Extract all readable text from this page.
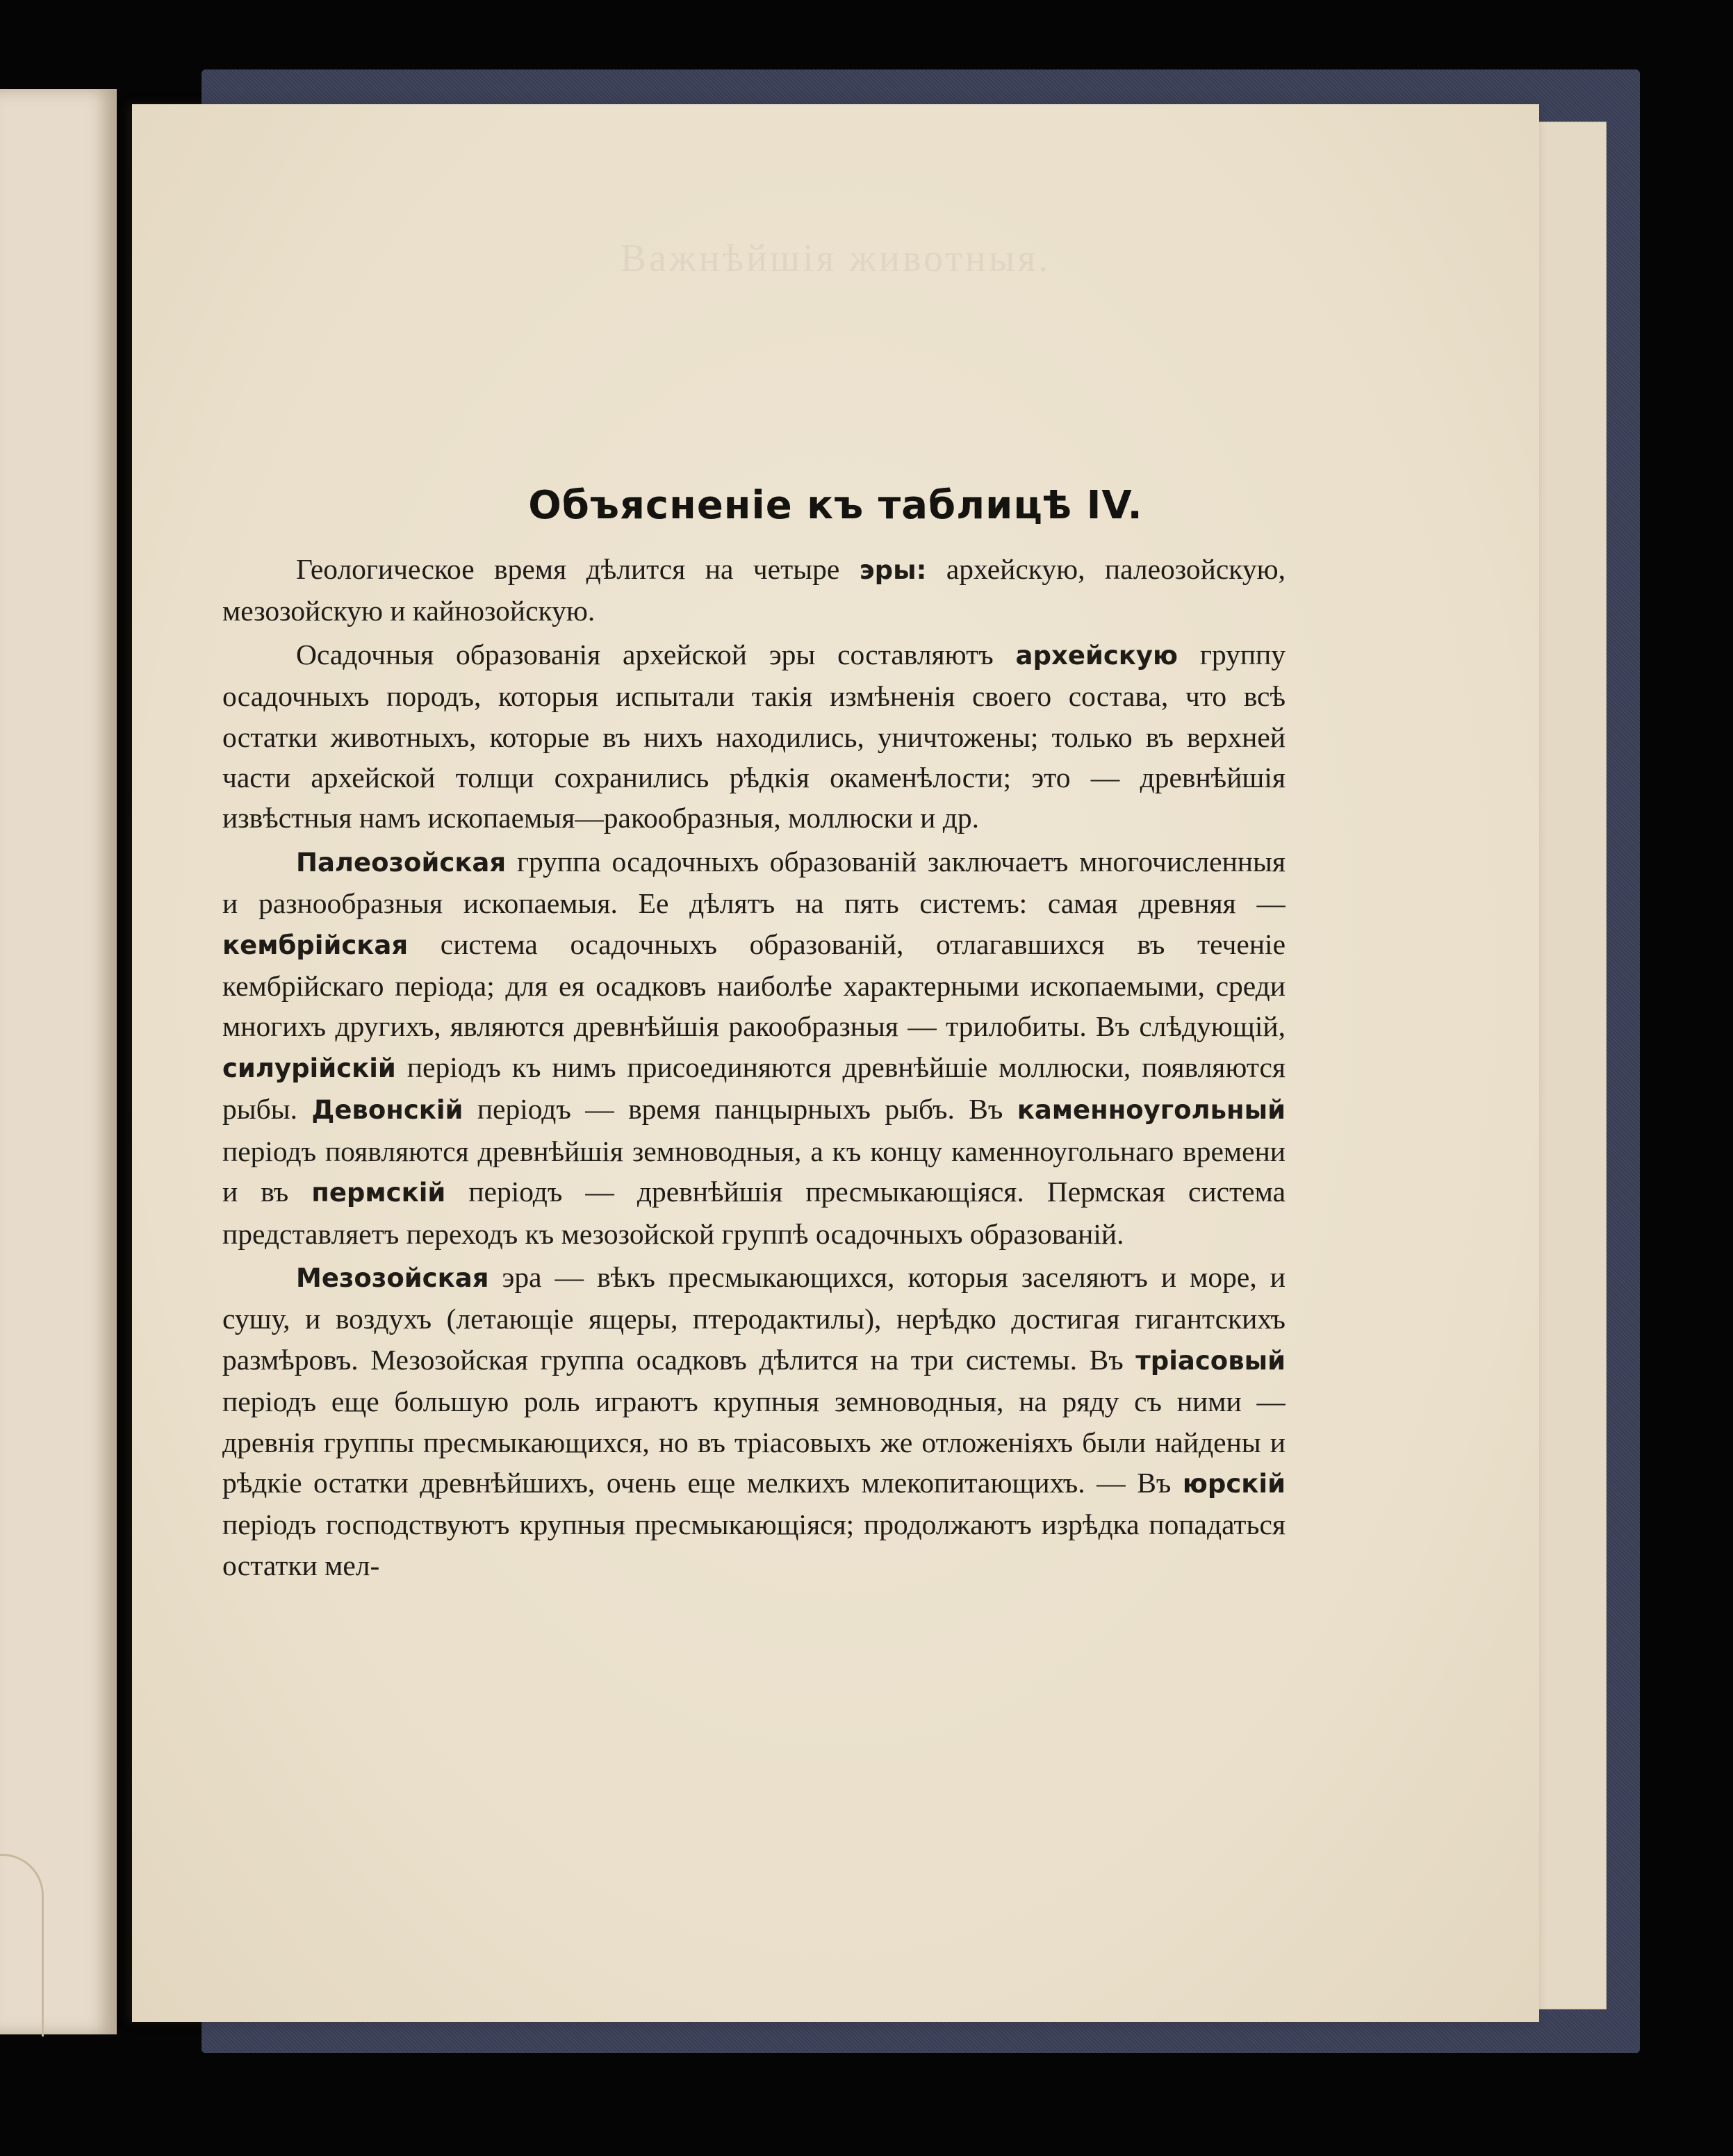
Важнѣйшія животныя.
Объясненіе къ таблицѣ IV.

Геологическое время дѣлится на четыре эры: архейскую, палеозойскую, мезозойскую и кайнозойскую.

Осадочныя образованія архейской эры составляютъ архейскую группу осадочныхъ породъ, которыя испытали такія измѣненія своего состава, что всѣ остатки животныхъ, которые въ нихъ находились, уничтожены; только въ верхней части архейской толщи сохранились рѣдкія окаменѣлости; это — древнѣйшія извѣстныя намъ ископаемыя—ракообразныя, моллюски и др.

Палеозойская группа осадочныхъ образованій заключаетъ многочисленныя и разнообразныя ископаемыя. Ее дѣлятъ на пять системъ: самая древняя — кембрійская система осадочныхъ образованій, отлагавшихся въ теченіе кембрійскаго періода; для ея осадковъ наиболѣе характерными ископаемыми, среди многихъ другихъ, являются древнѣйшія ракообразныя — трилобиты. Въ слѣдующій, силурійскій періодъ къ нимъ присоединяются древнѣйшіе моллюски, появляются рыбы. Девонскій періодъ — время панцырныхъ рыбъ. Въ каменноугольный періодъ появляются древнѣйшія земноводныя, а къ концу каменноугольнаго времени и въ пермскій періодъ — древнѣйшія пресмыкающіяся. Пермская система представляетъ переходъ къ мезозойской группѣ осадочныхъ образованій.

Мезозойская эра — вѣкъ пресмыкающихся, которыя заселяютъ и море, и сушу, и воздухъ (летающіе ящеры, птеродактилы), нерѣдко достигая гигантскихъ размѣровъ. Мезозойская группа осадковъ дѣлится на три системы. Въ тріасовый періодъ еще большую роль играютъ крупныя земноводныя, на ряду съ ними — древнія группы пресмыкающихся, но въ тріасовыхъ же отложеніяхъ были найдены и рѣдкіе остатки древнѣйшихъ, очень еще мелкихъ млекопитающихъ. — Въ юрскій періодъ господствуютъ крупныя пресмыкающіяся; продолжаютъ изрѣдка попадаться остатки мел-
